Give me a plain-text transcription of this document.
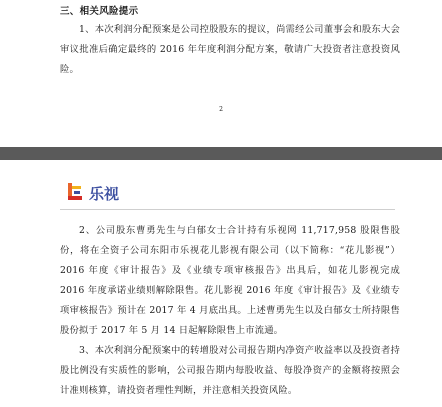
三、相关风险提示
1、本次利润分配预案是公司控股股东的提议，尚需经公司董事会和股东大会审议批准后确定最终的 2016 年年度利润分配方案，敬请广大投资者注意投资风险。
2
乐视
2、公司股东曹勇先生与白郁女士合计持有乐视网 11,717,958 股限售股份，将在全资子公司东阳市乐视花儿影视有限公司（以下简称：“花儿影视”）2016 年度《审计报告》及《业绩专项审核报告》出具后，如花儿影视完成 2016 年度承诺业绩则解除限售。花儿影视 2016 年度《审计报告》及《业绩专项审核报告》预计在 2017 年 4 月底出具。上述曹勇先生以及白郁女士所持限售股份拟于 2017 年 5 月 14 日起解除限售上市流通。
3、本次利润分配预案中的转增股对公司报告期内净资产收益率以及投资者持股比例没有实质性的影响，公司报告期内每股收益、每股净资产的金额将按照会计准则核算，请投资者理性判断，并注意相关投资风险。
